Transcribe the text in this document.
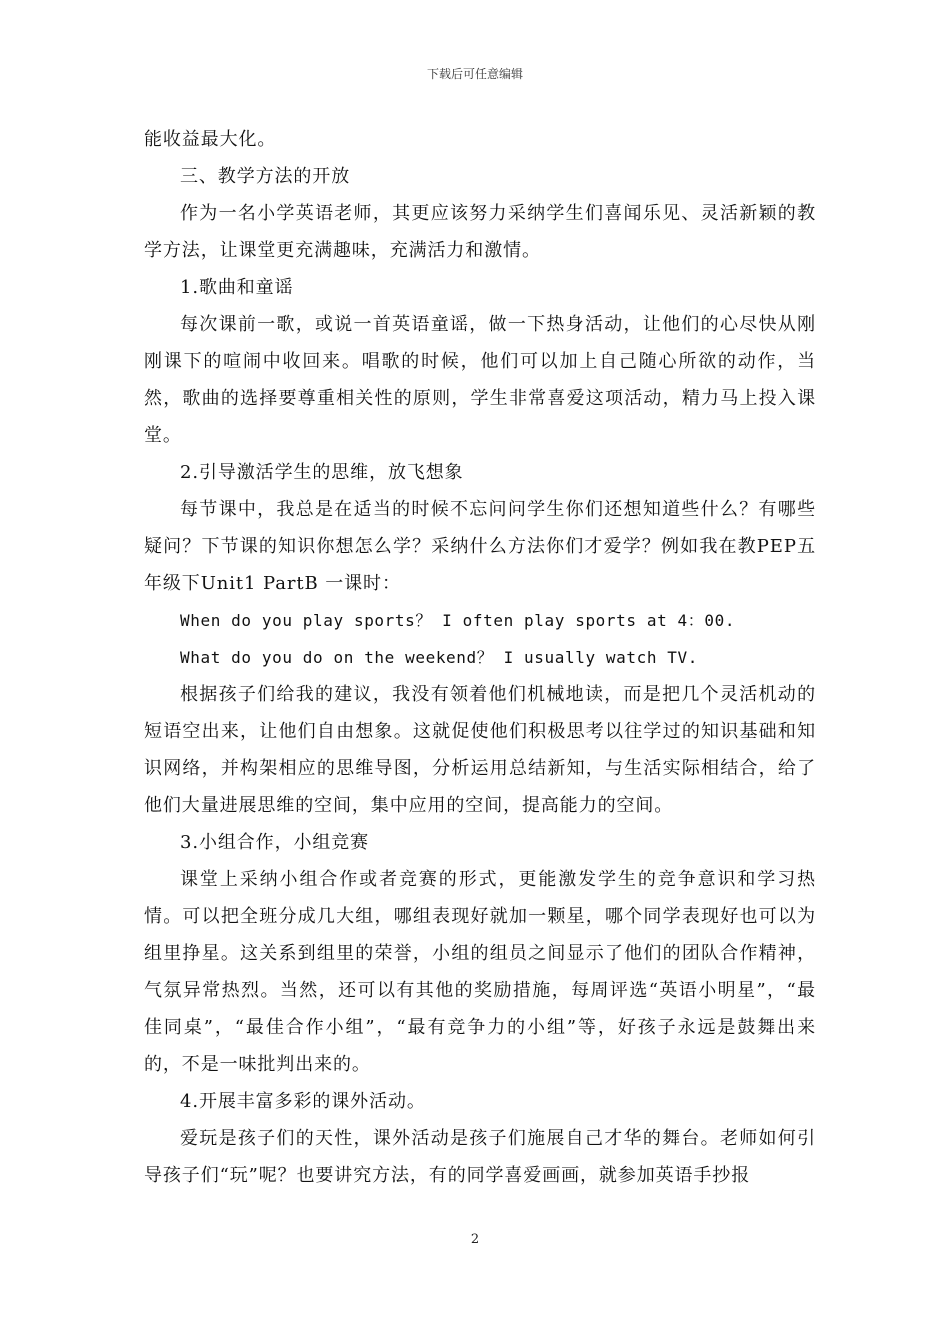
下载后可任意编辑

能收益最大化。

三、教学方法的开放

作为一名小学英语老师，其更应该努力采纳学生们喜闻乐见、灵活新颖的教学方法，让课堂更充满趣味，充满活力和激情。

1.歌曲和童谣

每次课前一歌，或说一首英语童谣，做一下热身活动，让他们的心尽快从刚刚课下的喧闹中收回来。唱歌的时候，他们可以加上自己随心所欲的动作，当然，歌曲的选择要尊重相关性的原则，学生非常喜爱这项活动，精力马上投入课堂。

2.引导激活学生的思维，放飞想象

每节课中，我总是在适当的时候不忘问问学生你们还想知道些什么？有哪些疑问？下节课的知识你想怎么学？采纳什么方法你们才爱学？例如我在教PEP五年级下Unit1 PartB 一课时：

When do you play sports？ I often play sports at 4：00.

What do you do on the weekend？ I usually watch TV.

根据孩子们给我的建议，我没有领着他们机械地读，而是把几个灵活机动的短语空出来，让他们自由想象。这就促使他们积极思考以往学过的知识基础和知识网络，并构架相应的思维导图，分析运用总结新知，与生活实际相结合，给了他们大量进展思维的空间，集中应用的空间，提高能力的空间。

3.小组合作，小组竞赛

课堂上采纳小组合作或者竞赛的形式，更能激发学生的竞争意识和学习热情。可以把全班分成几大组，哪组表现好就加一颗星，哪个同学表现好也可以为组里挣星。这关系到组里的荣誉，小组的组员之间显示了他们的团队合作精神，气氛异常热烈。当然，还可以有其他的奖励措施，每周评选“英语小明星”，“最佳同桌”，“最佳合作小组”，“最有竞争力的小组”等，好孩子永远是鼓舞出来的，不是一味批判出来的。

4.开展丰富多彩的课外活动。

爱玩是孩子们的天性，课外活动是孩子们施展自己才华的舞台。老师如何引导孩子们“玩”呢？也要讲究方法，有的同学喜爱画画，就参加英语手抄报

2
